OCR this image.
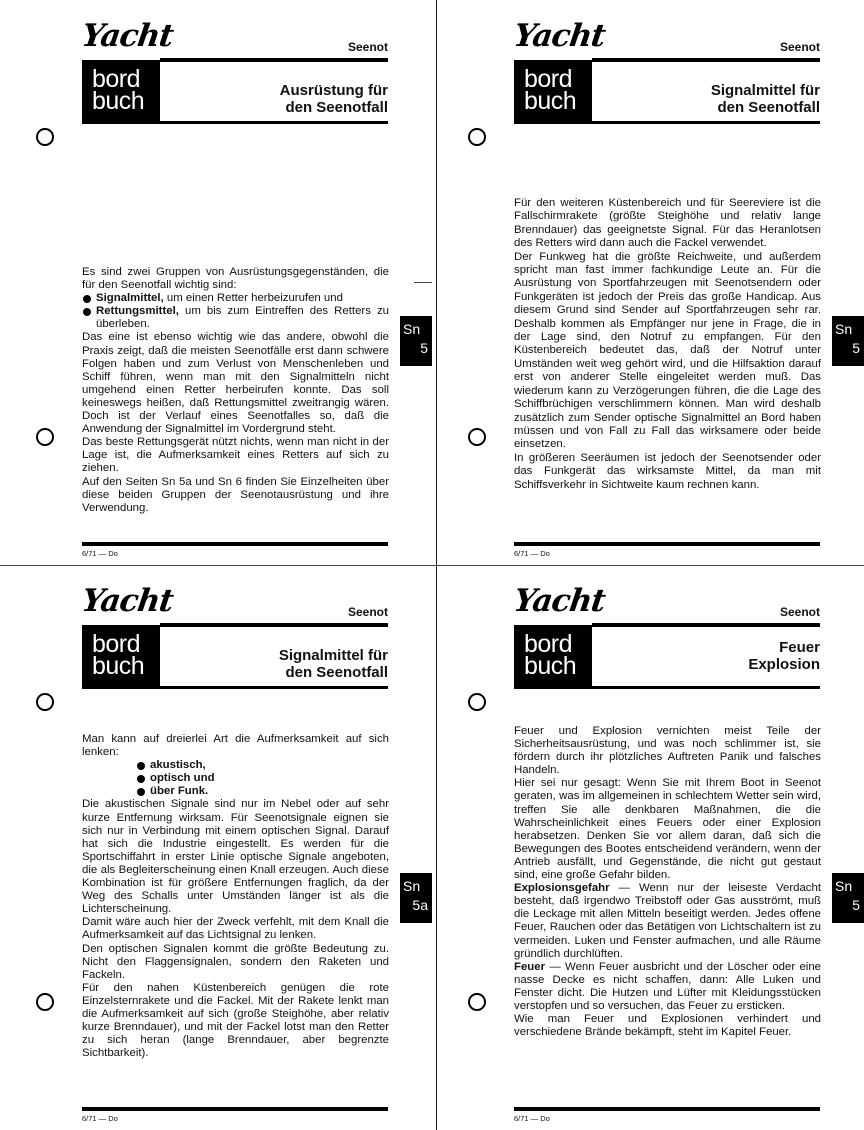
Yacht	Seenot
bord
buch	Ausrüstung für
den Seenotfall

Es sind zwei Gruppen von Ausrüstungsgegenständen, die für den Seenotfall wichtig sind:

Signalmittel, um einen Retter herbeizurufen und

Rettungsmittel, um bis zum Eintreffen des Retters zu überleben.

Das eine ist ebenso wichtig wie das andere, obwohl die Praxis zeigt, daß die meisten Seenotfälle erst dann schwere Folgen haben und zum Verlust von Menschenleben und Schiff führen, wenn man mit den Signalmitteln nicht umgehend einen Retter herbeirufen konnte. Das soll keineswegs heißen, daß Rettungsmittel zweitrangig wären. Doch ist der Verlauf eines Seenotfalles so, daß die Anwendung der Signalmittel im Vordergrund steht.

Das beste Rettungsgerät nützt nichts, wenn man nicht in der Lage ist, die Aufmerksamkeit eines Retters auf sich zu ziehen.

Auf den Seiten Sn 5a und Sn 6 finden Sie Einzelheiten über diese beiden Gruppen der Seenotausrüstung und ihre Verwendung.

Sn
5
6/71 — Do
Yacht	Seenot
bord
buch	Signalmittel für
den Seenotfall

Für den weiteren Küstenbereich und für Seereviere ist die Fallschirmrakete (größte Steighöhe und relativ lange Brenndauer) das geeignetste Signal. Für das Heranlotsen des Retters wird dann auch die Fackel verwendet.

Der Funkweg hat die größte Reichweite, und außerdem spricht man fast immer fachkundige Leute an. Für die Ausrüstung von Sportfahrzeugen mit Seenotsendern oder Funkgeräten ist jedoch der Preis das große Handicap. Aus diesem Grund sind Sender auf Sportfahrzeugen sehr rar. Deshalb kommen als Empfänger nur jene in Frage, die in der Lage sind, den Notruf zu empfangen. Für den Küstenbereich bedeutet das, daß der Notruf unter Umständen weit weg gehört wird, und die Hilfsaktion darauf erst von anderer Stelle eingeleitet werden muß. Das wiederum kann zu Verzögerungen führen, die die Lage des Schiffbrüchigen verschlimmern können. Man wird deshalb zusätzlich zum Sender optische Signalmittel an Bord haben müssen und von Fall zu Fall das wirksamere oder beide einsetzen.

In größeren Seeräumen ist jedoch der Seenotsender oder das Funkgerät das wirksamste Mittel, da man mit Schiffsverkehr in Sichtweite kaum rechnen kann.

Sn
5
6/71 — Do
Yacht	Seenot
bord
buch	Signalmittel für
den Seenotfall

Man kann auf dreierlei Art die Aufmerksamkeit auf sich lenken:

akustisch,

optisch und

über Funk.

Die akustischen Signale sind nur im Nebel oder auf sehr kurze Entfernung wirksam. Für Seenotsignale eignen sie sich nur in Verbindung mit einem optischen Signal. Darauf hat sich die Industrie eingestellt. Es werden für die Sportschiffahrt in erster Linie optische Signale angeboten, die als Begleiterscheinung einen Knall erzeugen. Auch diese Kombination ist für größere Entfernungen fraglich, da der Weg des Schalls unter Umständen länger ist als die Lichterscheinung.

Damit wäre auch hier der Zweck verfehlt, mit dem Knall die Aufmerksamkeit auf das Lichtsignal zu lenken.

Den optischen Signalen kommt die größte Bedeutung zu. Nicht den Flaggensignalen, sondern den Raketen und Fackeln.

Für den nahen Küstenbereich genügen die rote Einzelsternrakete und die Fackel. Mit der Rakete lenkt man die Aufmerksamkeit auf sich (große Steighöhe, aber relativ kurze Brenndauer), und mit der Fackel lotst man den Retter zu sich heran (lange Brenndauer, aber begrenzte Sichtbarkeit).

Sn
5a
6/71 — Do
Yacht	Seenot
bord
buch
Feuer
Explosion

Feuer und Explosion vernichten meist Teile der Sicherheitsausrüstung, und was noch schlimmer ist, sie fördern durch ihr plötzliches Auftreten Panik und falsches Handeln.

Hier sei nur gesagt: Wenn Sie mit Ihrem Boot in Seenot geraten, was im allgemeinen in schlechtem Wetter sein wird, treffen Sie alle denkbaren Maßnahmen, die die Wahrscheinlichkeit eines Feuers oder einer Explosion herabsetzen. Denken Sie vor allem daran, daß sich die Bewegungen des Bootes entscheidend verändern, wenn der Antrieb ausfällt, und Gegenstände, die nicht gut gestaut sind, eine große Gefahr bilden.

Explosionsgefahr — Wenn nur der leiseste Verdacht besteht, daß irgendwo Treibstoff oder Gas ausströmt, muß die Leckage mit allen Mitteln beseitigt werden. Jedes offene Feuer, Rauchen oder das Betätigen von Lichtschaltern ist zu vermeiden. Luken und Fenster aufmachen, und alle Räume gründlich durchlüften.

Feuer — Wenn Feuer ausbricht und der Löscher oder eine nasse Decke es nicht schaffen, dann: Alle Luken und Fenster dicht. Die Hutzen und Lüfter mit Kleidungsstücken verstopfen und so versuchen, das Feuer zu ersticken.

Wie man Feuer und Explosionen verhindert und verschiedene Brände bekämpft, steht im Kapitel Feuer.

Sn
5
6/71 — Do
